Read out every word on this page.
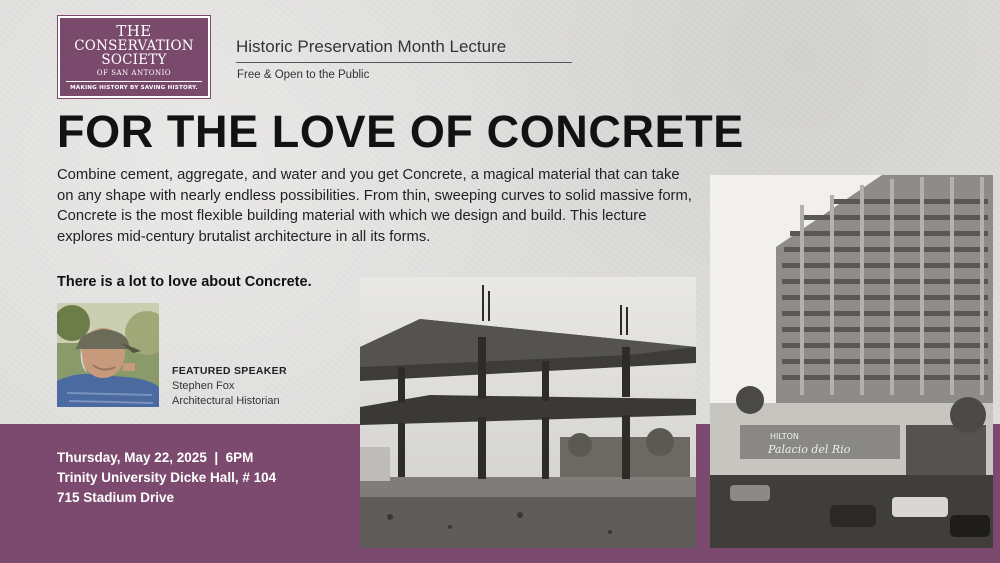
THE
CONSERVATION
SOCIETY
OF SAN ANTONIO
MAKING HISTORY BY SAVING HISTORY.
Historic Preservation Month Lecture
Free & Open to the Public
FOR THE LOVE OF CONCRETE
Combine cement, aggregate, and water and you get Concrete, a magical material that can take on any shape with nearly endless possibilities. From thin, sweeping curves to solid massive form, Concrete is the most flexible building material with which we design and build. This lecture explores mid-century brutalist architecture in all its forms.
There is a lot to love about Concrete.
FEATURED SPEAKER
Stephen Fox
Architectural Historian
Thursday, May 22, 2025  |  6PM
Trinity University Dicke Hall, # 104
715 Stadium Drive
HILTON
Palacio del Rio
